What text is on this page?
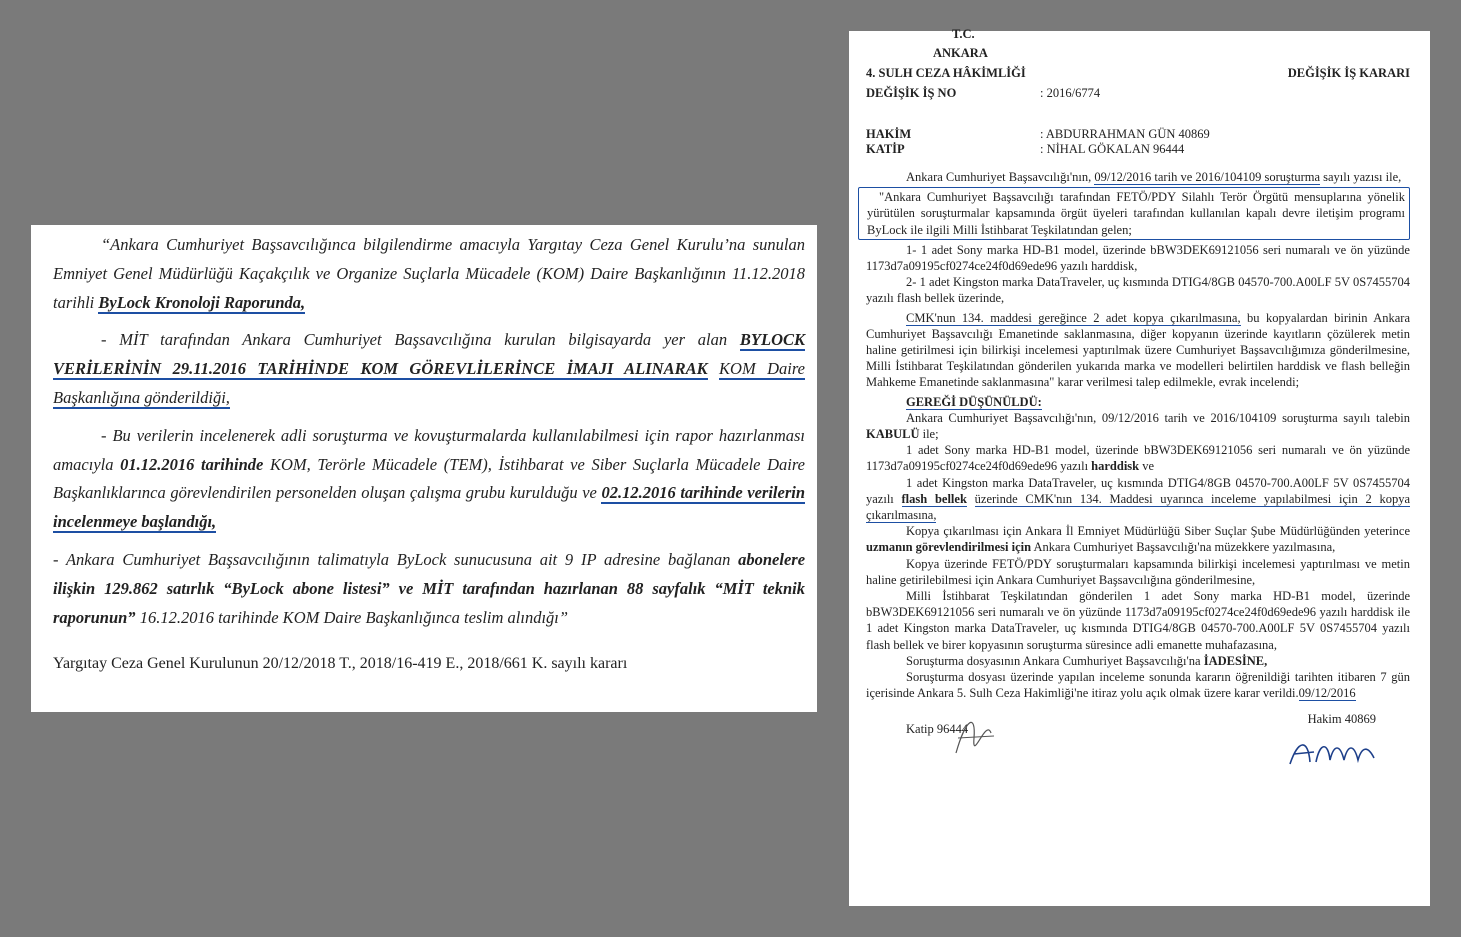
“Ankara Cumhuriyet Başsavcılığınca bilgilendirme amacıyla Yargıtay Ceza Genel Kurulu’na sunulan Emniyet Genel Müdürlüğü Kaçakçılık ve Organize Suçlarla Mücadele (KOM) Daire Başkanlığının 11.12.2018 tarihli ByLock Kronoloji Raporunda,

- MİT tarafından Ankara Cumhuriyet Başsavcılığına kurulan bilgisayarda yer alan BYLOCK VERİLERİNİN 29.11.2016 TARİHİNDE KOM GÖREVLİLERİNCE İMAJI ALINARAK KOM Daire Başkanlığına gönderildiği,

- Bu verilerin incelenerek adli soruşturma ve kovuşturmalarda kullanılabilmesi için rapor hazırlanması amacıyla 01.12.2016 tarihinde KOM, Terörle Mücadele (TEM), İstihbarat ve Siber Suçlarla Mücadele Daire Başkanlıklarınca görevlendirilen personelden oluşan çalışma grubu kurulduğu ve 02.12.2016 tarihinde verilerin incelenmeye başlandığı,

- Ankara Cumhuriyet Başsavcılığının talimatıyla ByLock sunucusuna ait 9 IP adresine bağlanan abonelere ilişkin 129.862 satırlık “ByLock abone listesi” ve MİT tarafından hazırlanan 88 sayfalık “MİT teknik raporunun” 16.12.2016 tarihinde KOM Daire Başkanlığınca teslim alındığı”

Yargıtay Ceza Genel Kurulunun 20/12/2018 T., 2018/16-419 E., 2018/661 K. sayılı kararı

T.C.
ANKARA
4. SULH CEZA HÂKİMLİĞİ	DEĞİŞİK İŞ KARARI
DEĞİŞİK İŞ NO	: 2016/6774
HAKİM	: ABDURRAHMAN GÜN 40869
KATİP	: NİHAL GÖKALAN 96444

Ankara Cumhuriyet Başsavcılığı'nın, 09/12/2016 tarih ve 2016/104109 soruşturma sayılı yazısı ile,

"Ankara Cumhuriyet Başsavcılığı tarafından FETÖ/PDY Silahlı Terör Örgütü mensuplarına yönelik yürütülen soruşturmalar kapsamında örgüt üyeleri tarafından kullanılan kapalı devre iletişim programı ByLock ile ilgili Milli İstihbarat Teşkilatından gelen;

1- 1 adet Sony marka HD-B1 model, üzerinde bBW3DEK69121056 seri numaralı ve ön yüzünde 1173d7a09195cf0274ce24f0d69ede96 yazılı harddisk,

2- 1 adet Kingston marka DataTraveler, uç kısmında DTIG4/8GB 04570-700.A00LF 5V 0S7455704 yazılı flash bellek üzerinde,

CMK'nun 134. maddesi gereğince 2 adet kopya çıkarılmasına, bu kopyalardan birinin Ankara Cumhuriyet Başsavcılığı Emanetinde saklanmasına, diğer kopyanın üzerinde kayıtların çözülerek metin haline getirilmesi için bilirkişi incelemesi yaptırılmak üzere Cumhuriyet Başsavcılığımıza gönderilmesine, Milli İstihbarat Teşkilatından gönderilen yukarıda marka ve modelleri belirtilen harddisk ve flash belleğin Mahkeme Emanetinde saklanmasına" karar verilmesi talep edilmekle, evrak incelendi;

GEREĞİ DÜŞÜNÜLDÜ:

Ankara Cumhuriyet Başsavcılığı'nın, 09/12/2016 tarih ve 2016/104109 soruşturma sayılı talebin KABULÜ ile;

1 adet Sony marka HD-B1 model, üzerinde bBW3DEK69121056 seri numaralı ve ön yüzünde 1173d7a09195cf0274ce24f0d69ede96 yazılı harddisk ve

1 adet Kingston marka DataTraveler, uç kısmında DTIG4/8GB 04570-700.A00LF 5V 0S7455704 yazılı flash bellek üzerinde CMK'nın 134. Maddesi uyarınca inceleme yapılabilmesi için 2 kopya çıkarılmasına,

Kopya çıkarılması için Ankara İl Emniyet Müdürlüğü Siber Suçlar Şube Müdürlüğünden yeterince uzmanın görevlendirilmesi için Ankara Cumhuriyet Başsavcılığı'na müzekkere yazılmasına,

Kopya üzerinde FETÖ/PDY soruşturmaları kapsamında bilirkişi incelemesi yaptırılması ve metin haline getirilebilmesi için Ankara Cumhuriyet Başsavcılığına gönderilmesine,

Milli İstihbarat Teşkilatından gönderilen 1 adet Sony marka HD-B1 model, üzerinde bBW3DEK69121056 seri numaralı ve ön yüzünde 1173d7a09195cf0274ce24f0d69ede96 yazılı harddisk ile 1 adet Kingston marka DataTraveler, uç kısmında DTIG4/8GB 04570-700.A00LF 5V 0S7455704 yazılı flash bellek ve birer kopyasının soruşturma süresince adli emanette muhafazasına,

Soruşturma dosyasının Ankara Cumhuriyet Başsavcılığı'na İADESİNE,

Soruşturma dosyası üzerinde yapılan inceleme sonunda kararın öğrenildiği tarihten itibaren 7 gün içerisinde Ankara 5. Sulh Ceza Hakimliği'ne itiraz yolu açık olmak üzere karar verildi.09/12/2016

Katip 96444
Hakim 40869
